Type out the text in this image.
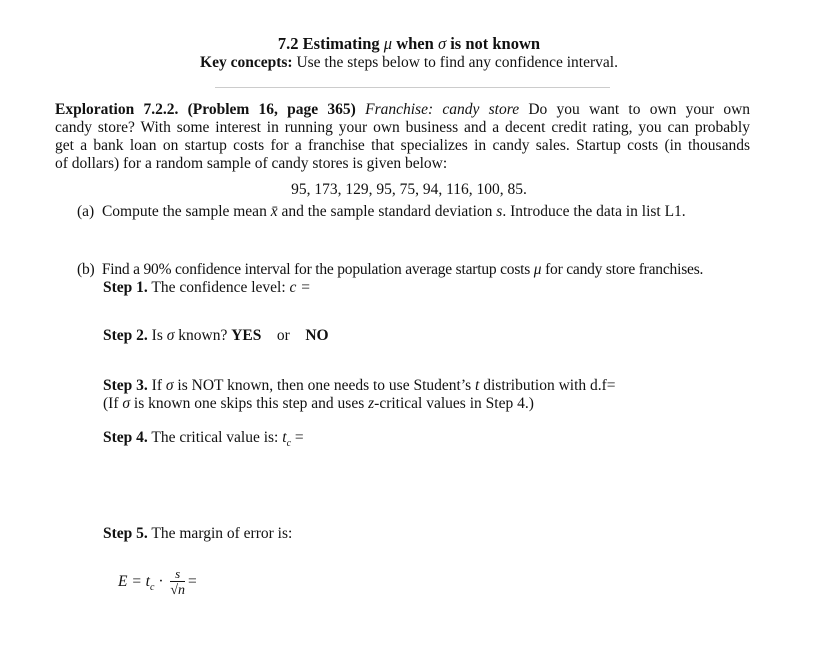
7.2 Estimating μ when σ is not known
Key concepts: Use the steps below to find any confidence interval.
Exploration 7.2.2. (Problem 16, page 365) Franchise: candy store Do you want to own your own
candy store? With some interest in running your own business and a decent credit rating, you can probably
get a bank loan on startup costs for a franchise that specializes in candy sales. Startup costs (in thousands
of dollars) for a random sample of candy stores is given below:
95, 173, 129, 95, 75, 94, 116, 100, 85.
(a) Compute the sample mean x̄ and the sample standard deviation s. Introduce the data in list L1.
(b) Find a 90% confidence interval for the population average startup costs μ for candy store franchises.
Step 1. The confidence level: c =
Step 2. Is σ known? YES or NO
Step 3. If σ is NOT known, then one needs to use Student’s t distribution with d.f=
(If σ is known one skips this step and uses z-critical values in Step 4.)
Step 4. The critical value is: $t_c$ =
Step 5. The margin of error is:
$E = t_c \cdot \frac{s}{√n}$ =
